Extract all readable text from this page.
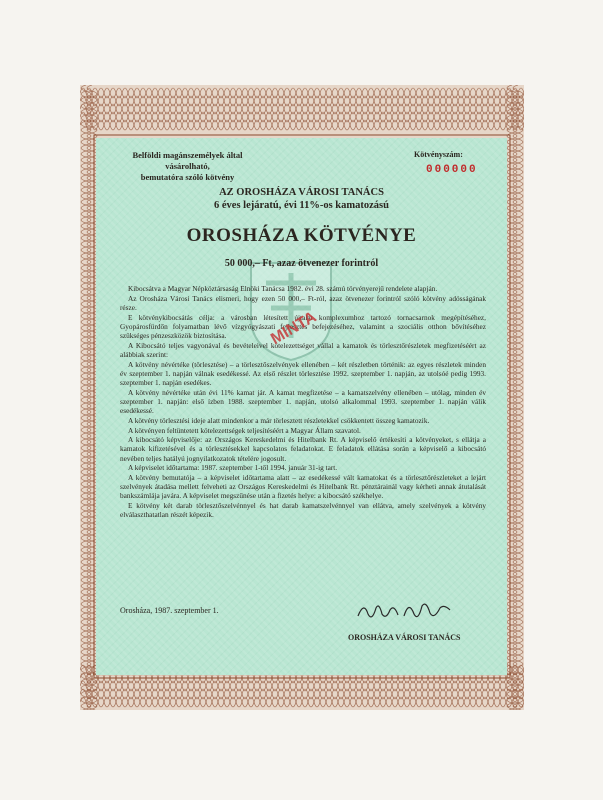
Belföldi magánszemélyek által vásárolható,
bemutatóra szóló kötvény
Kötvényszám:
000000
AZ OROSHÁZA VÁROSI TANÁCS
6 éves lejáratú, évi 11%-os kamatozású
OROSHÁZA KÖTVÉNYE
50 000,– Ft, azaz ötvenezer forintról

Kibocsátva a Magyar Népköztársaság Elnöki Tanácsa 1982. évi 28. számú törvényerejű rendelete alapján.

Az Orosháza Városi Tanács elismeri, hogy ezen 50 000,– Ft-ról, azaz ötvenezer forintról szóló kötvény adósságának része.

E kötvénykibocsátás célja: a városban létesített újtalat komplexumhoz tartozó tornacsarnok megépítéséhez, Gyopárosfürdőn folyamatban lévő vízgyógyászati fejlesztés befejezéséhez, valamint a szociális otthon bővítéséhez szükséges pénzeszközök biztosítása.

A Kibocsátó teljes vagyonával és bevételeivel kötelezettséget vállal a kamatok és törlesztőrészletek megfizetéséért az alábbiak szerint:

A kötvény névértéke (törlesztése) – a törlesztőszelvények ellenében – két részletben történik: az egyes részletek minden év szeptember 1. napján válnak esedékessé. Az első részlet törlesztése 1992. szeptember 1. napján, az utolsóé pedig 1993. szeptember 1. napján esedékes.

A kötvény névértéke után évi 11% kamat jár. A kamat megfizetése – a kamatszelvény ellenében – utólag, minden év szeptember 1. napján: első ízben 1988. szeptember 1. napján, utolsó alkalommal 1993. szeptember 1. napján válik esedékessé.

A kötvény törlesztési ideje alatt mindenkor a már törlesztett részletekkel csökkentett összeg kamatozik.

A kötvényen feltüntetett kötelezettségek teljesítéséért a Magyar Állam szavatol.

A kibocsátó képviselője: az Országos Kereskedelmi és Hitelbank Rt. A képviselő értékesíti a kötvényeket, s ellátja a kamatok kifizetésével és a törlesztésekkel kapcsolatos feladatokat. E feladatok ellátása során a képviselő a kibocsátó nevében teljes hatályú jognyilatkozatok tételére jogosult.

A képviselet időtartama: 1987. szeptember 1-től 1994. január 31-ig tart.

A kötvény bemutatója – a képviselet időtartama alatt – az esedékessé vált kamatokat és a törlesztőrészleteket a lejárt szelvények átadása mellett felveheti az Országos Kereskedelmi és Hitelbank Rt. pénztárainál vagy kérheti annak átutalását bankszámlája javára. A képviselet megszűnése után a fizetés helye: a kibocsátó székhelye.

E kötvény két darab törlesztőszelvénnyel és hat darab kamatszelvénnyel van ellátva, amely szelvények a kötvény elválaszthatatlan részét képezik.

MINTA
Orosháza, 1987. szeptember 1.
OROSHÁZA VÁROSI TANÁCS
